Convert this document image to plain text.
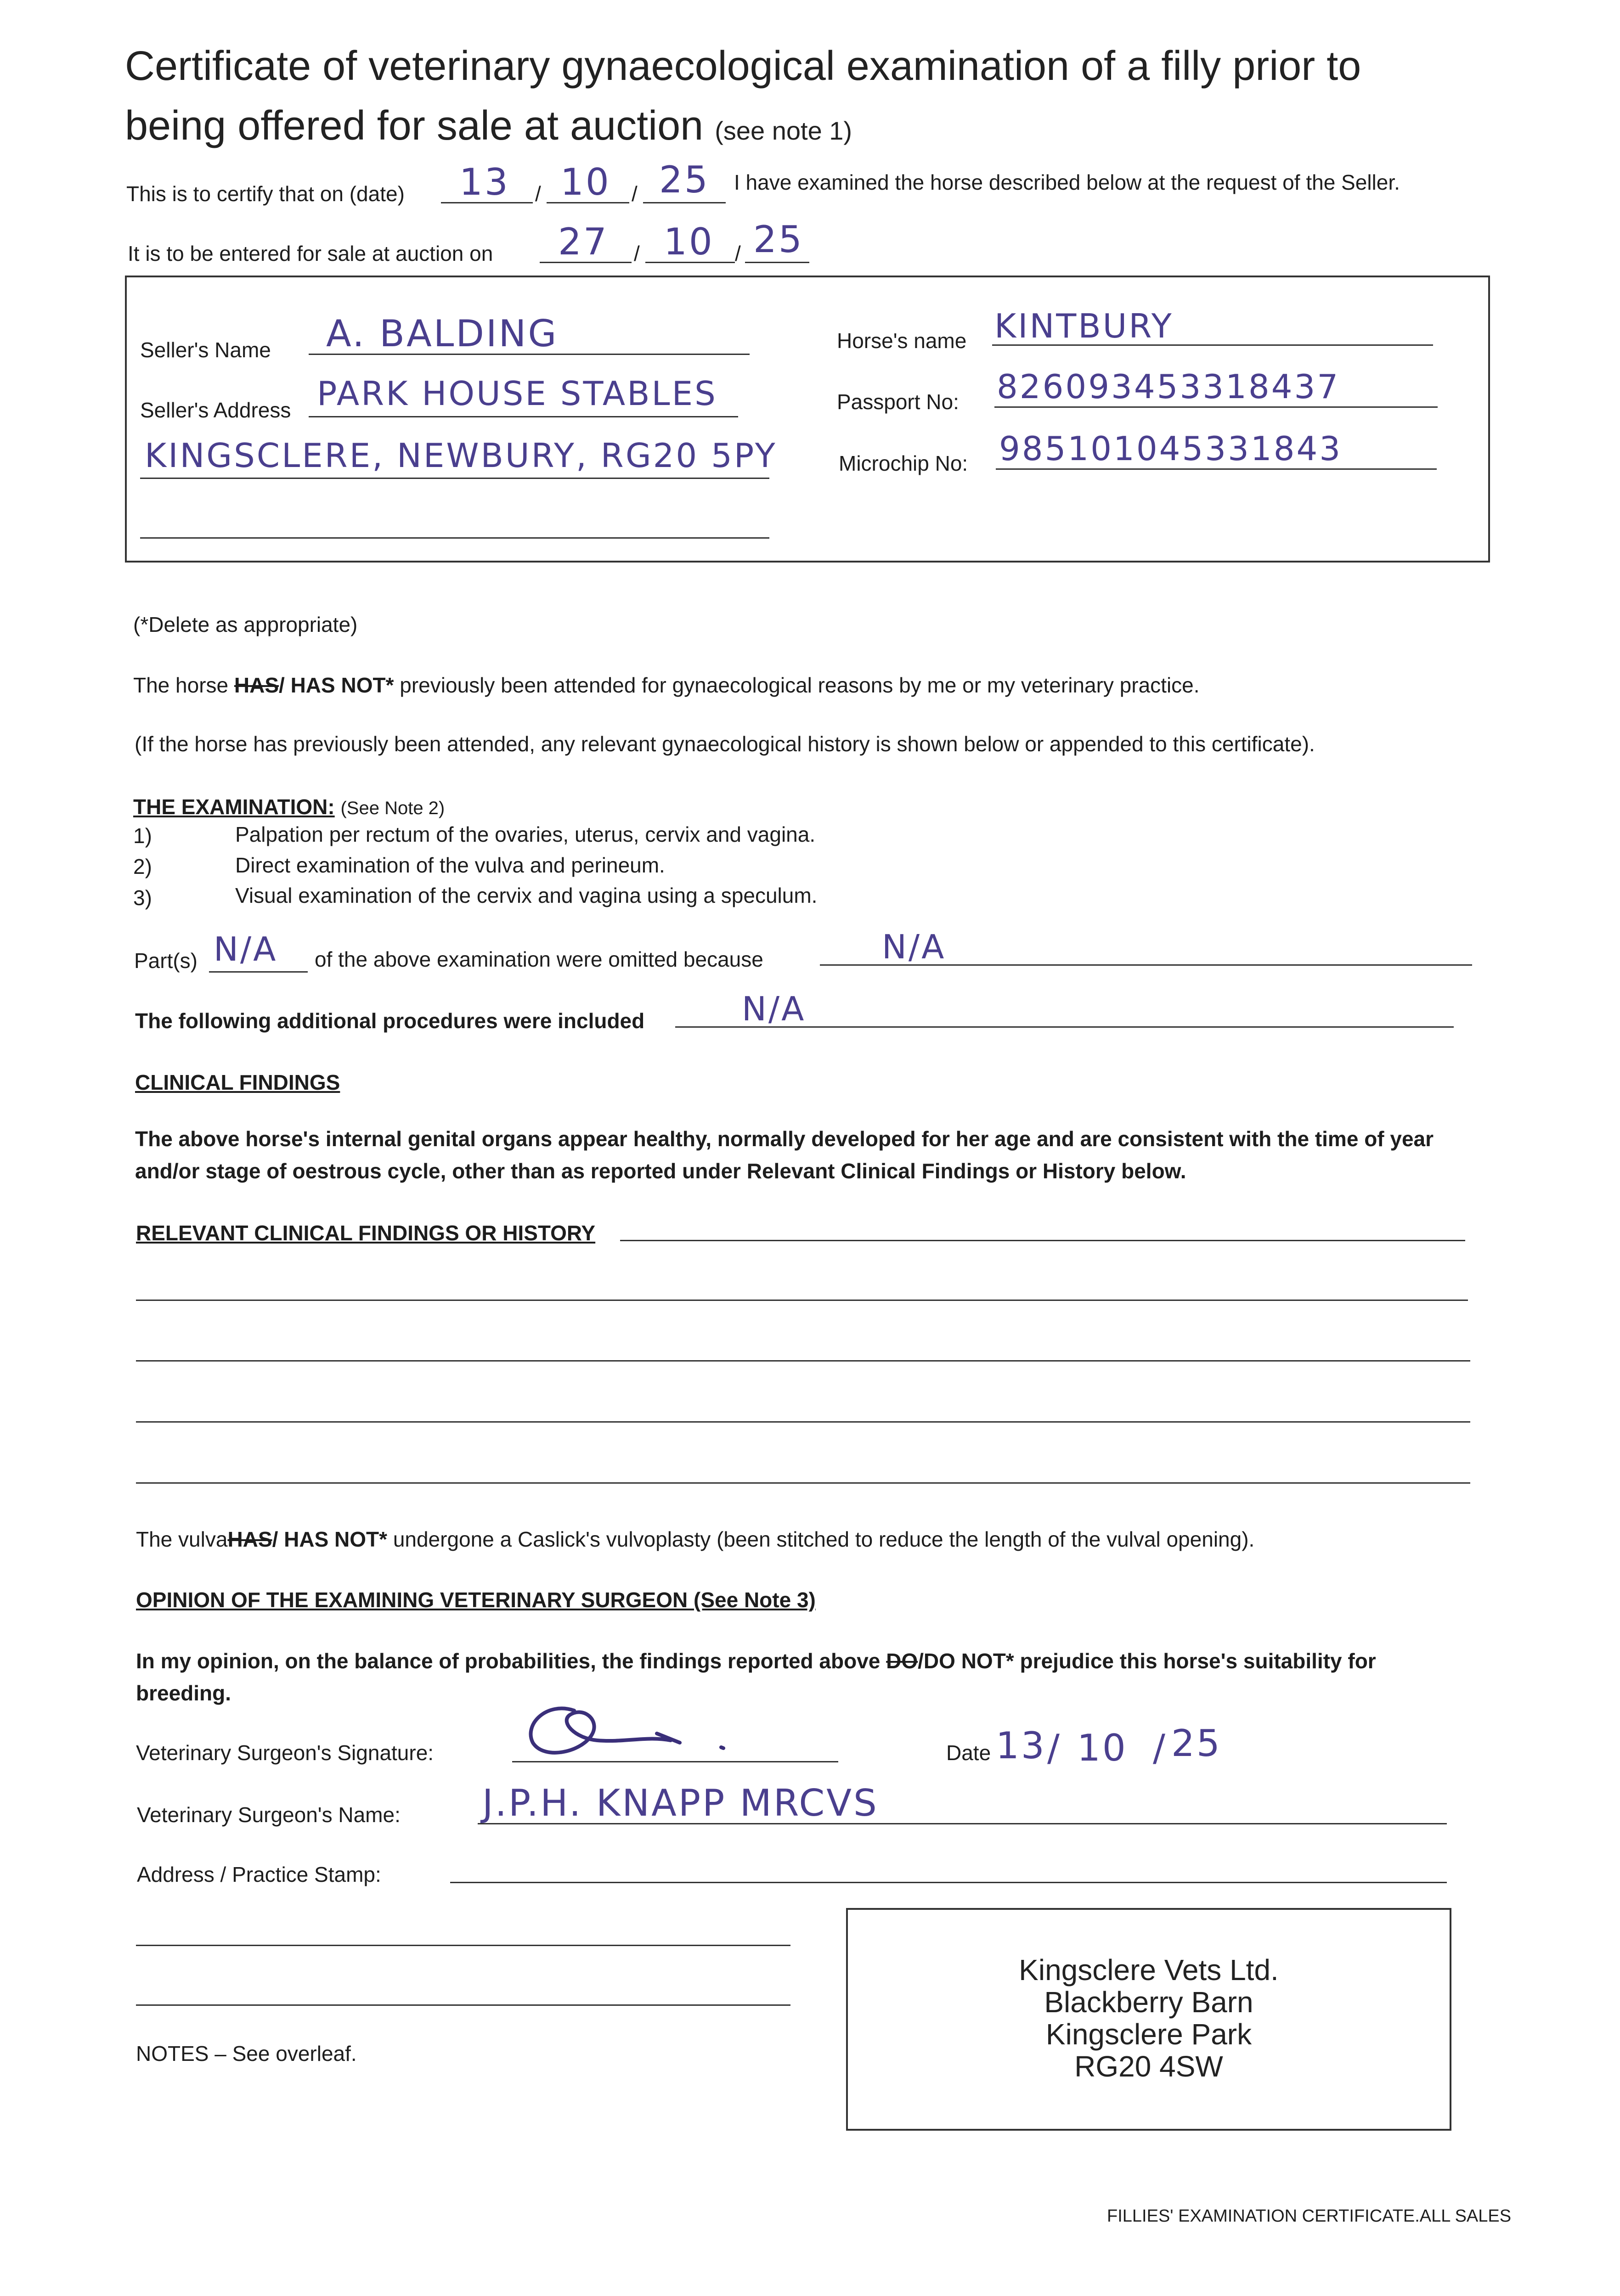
Certificate of veterinary gynaecological examination of a filly prior to
being offered for sale at auction (see note 1)
This is to certify that on (date) 13 / 10 / 25 I have examined the horse described below at the request of the Seller.
It is to be entered for sale at auction on 27 / 10 / 25
Seller's Name A. BALDING
Seller's Address PARK HOUSE STABLES
KINGSCLERE, NEWBURY, RG20 5PY
Horse's name KINTBURY
Passport No: 826093453318437
Microchip No: 985101045331843
(*Delete as appropriate)
The horse HAS/ HAS NOT* previously been attended for gynaecological reasons by me or my veterinary practice.
(If the horse has previously been attended, any relevant gynaecological history is shown below or appended to this certificate).
THE EXAMINATION: (See Note 2)
1)	Palpation per rectum of the ovaries, uterus, cervix and vagina.
2)	Direct examination of the vulva and perineum.
3)	Visual examination of the cervix and vagina using a speculum.
Part(s) N/A of the above examination were omitted because	N/A
The following additional procedures were included	N/A
CLINICAL FINDINGS
The above horse's internal genital organs appear healthy, normally developed for her age and are consistent with the time of year
and/or stage of oestrous cycle, other than as reported under Relevant Clinical Findings or History below.
RELEVANT CLINICAL FINDINGS OR HISTORY
The vulvaHAS/ HAS NOT* undergone a Caslick's vulvoplasty (been stitched to reduce the length of the vulval opening).
OPINION OF THE EXAMINING VETERINARY SURGEON (See Note 3)
In my opinion, on the balance of probabilities, the findings reported above DO/DO NOT* prejudice this horse's suitability for
breeding.
Veterinary Surgeon's Signature:	Date 13 / 10 / 25
Veterinary Surgeon's Name: J.P.H. KNAPP MRCVS
Address / Practice Stamp:
Kingsclere Vets Ltd.
Blackberry Barn
Kingsclere Park
RG20 4SW
NOTES – See overleaf.
FILLIES' EXAMINATION CERTIFICATE.ALL SALES
